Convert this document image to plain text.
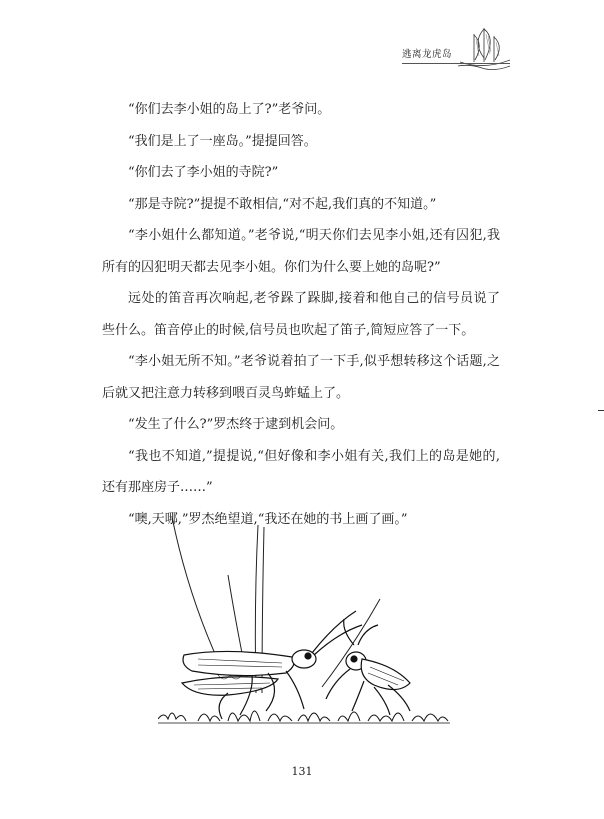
逃离龙虎岛

“你们去李小姐的岛上了?”老爷问。

“我们是上了一座岛。”提提回答。

“你们去了李小姐的寺院?”

“那是寺院?”提提不敢相信,“对不起,我们真的不知道。”

“李小姐什么都知道。”老爷说,“明天你们去见李小姐,还有囚犯,我所有的囚犯明天都去见李小姐。你们为什么要上她的岛呢?”

远处的笛音再次响起,老爷跺了跺脚,接着和他自己的信号员说了些什么。笛音停止的时候,信号员也吹起了笛子,简短应答了一下。

“李小姐无所不知。”老爷说着拍了一下手,似乎想转移这个话题,之后就又把注意力转移到喂百灵鸟蚱蜢上了。

“发生了什么?”罗杰终于逮到机会问。

“我也不知道,”提提说,“但好像和李小姐有关,我们上的岛是她的,还有那座房子……”

“噢,天哪,”罗杰绝望道,“我还在她的书上画了画。”

131
